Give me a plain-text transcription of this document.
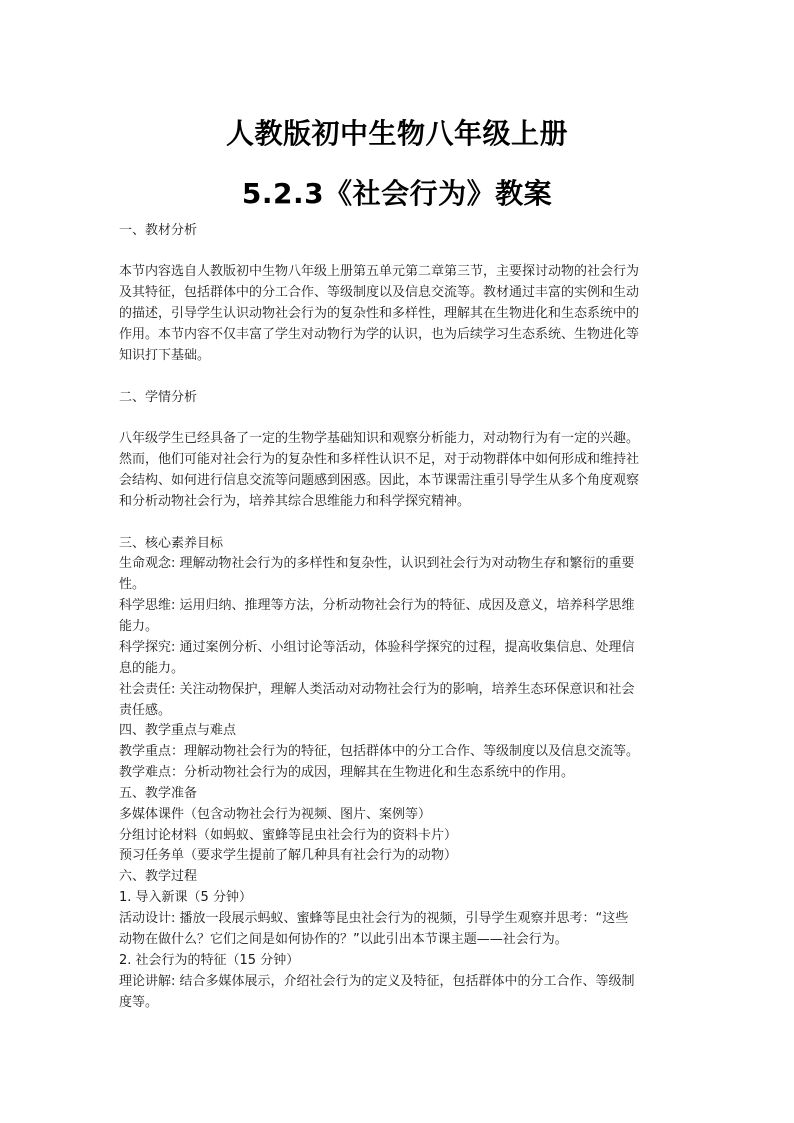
人教版初中生物八年级上册
5.2.3《社会行为》教案
一、教材分析
本节内容选自人教版初中生物八年级上册第五单元第二章第三节，主要探讨动物的社会行为
及其特征，包括群体中的分工合作、等级制度以及信息交流等。教材通过丰富的实例和生动
的描述，引导学生认识动物社会行为的复杂性和多样性，理解其在生物进化和生态系统中的
作用。本节内容不仅丰富了学生对动物行为学的认识，也为后续学习生态系统、生物进化等
知识打下基础。
二、学情分析
八年级学生已经具备了一定的生物学基础知识和观察分析能力，对动物行为有一定的兴趣。
然而，他们可能对社会行为的复杂性和多样性认识不足，对于动物群体中如何形成和维持社
会结构、如何进行信息交流等问题感到困惑。因此，本节课需注重引导学生从多个角度观察
和分析动物社会行为，培养其综合思维能力和科学探究精神。
三、核心素养目标
生命观念: 理解动物社会行为的多样性和复杂性，认识到社会行为对动物生存和繁衍的重要
性。
科学思维: 运用归纳、推理等方法，分析动物社会行为的特征、成因及意义，培养科学思维
能力。
科学探究: 通过案例分析、小组讨论等活动，体验科学探究的过程，提高收集信息、处理信
息的能力。
社会责任: 关注动物保护，理解人类活动对动物社会行为的影响，培养生态环保意识和社会
责任感。
四、教学重点与难点
教学重点：理解动物社会行为的特征，包括群体中的分工合作、等级制度以及信息交流等。
教学难点：分析动物社会行为的成因，理解其在生物进化和生态系统中的作用。
五、教学准备
多媒体课件（包含动物社会行为视频、图片、案例等）
分组讨论材料（如蚂蚁、蜜蜂等昆虫社会行为的资料卡片）
预习任务单（要求学生提前了解几种具有社会行为的动物）
六、教学过程
1. 导入新课（5 分钟）
活动设计: 播放一段展示蚂蚁、蜜蜂等昆虫社会行为的视频，引导学生观察并思考：“这些
动物在做什么？它们之间是如何协作的？”以此引出本节课主题——社会行为。
2. 社会行为的特征（15 分钟）
理论讲解: 结合多媒体展示，介绍社会行为的定义及特征，包括群体中的分工合作、等级制
度等。
